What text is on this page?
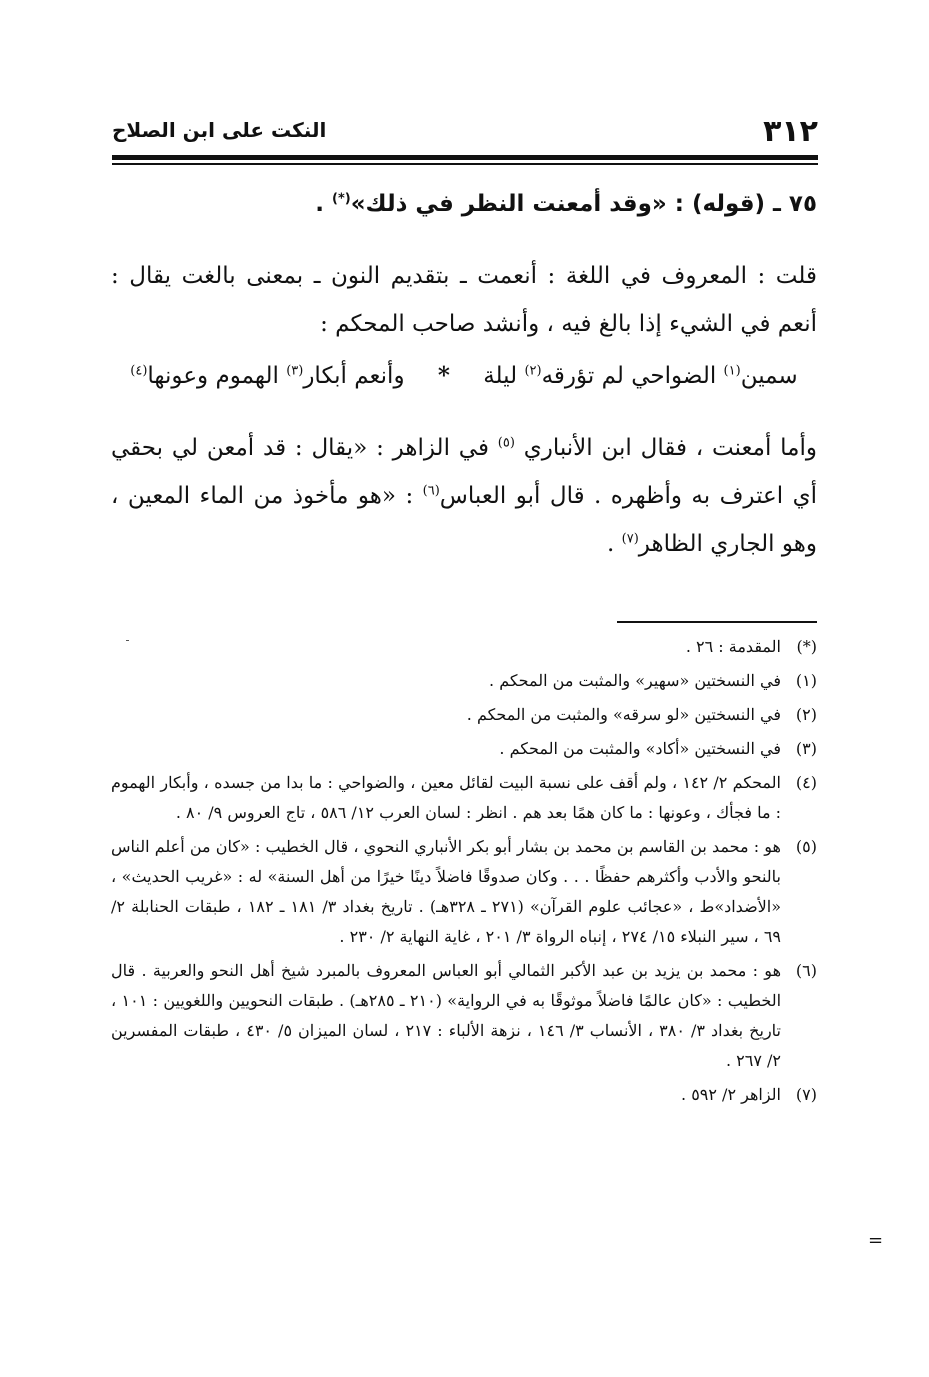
٣١٢
النكت على ابن الصلاح
٧٥ ـ (قوله) : «وقد أمعنت النظر في ذلك»(*) .
قلت : المعروف في اللغة : أنعمت ـ بتقديم النون ـ بمعنى بالغت يقال : أنعم في الشيء إذا بالغ فيه ، وأنشد صاحب المحكم :
سمين$^{(١)}$ الضواحي لم تؤرقه$^{(٢)}$ ليلة * وأنعم أبكار$^{(٣)}$ الهموم وعونها$^{(٤)}$
وأما أمعنت ، فقال ابن الأنباري $^{(٥)}$ في الزاهر : «يقال : قد أمعن لي بحقي أي اعترف به وأظهره . قال أبو العباس$^{(٦)}$ : «هو مأخوذ من الماء المعين ، وهو الجاري الظاهر$^{(٧)}$ .
(*)
المقدمة : ٢٦ .
(١)
في النسختين «سهير» والمثبت من المحكم .
(٢)
في النسختين «لو سرقه» والمثبت من المحكم .
(٣)
في النسختين «أكاد» والمثبت من المحكم .
(٤)
المحكم ٢/ ١٤٢ ، ولم أقف على نسبة البيت لقائل معين ، والضواحي : ما بدا من جسده ، وأبكار الهموم : ما فجأك ، وعونها : ما كان همًا بعد هم . انظر : لسان العرب ١٢/ ٥٨٦ ، تاج العروس ٩/ ٨٠ .
(٥)
هو : محمد بن القاسم بن محمد بن بشار أبو بكر الأنباري النحوي ، قال الخطيب : «كان من أعلم الناس بالنحو والأدب وأكثرهم حفظًا . . . وكان صدوقًا فاضلاً دينًا خيرًا من أهل السنة» له : «غريب الحديث» ، «الأضداد»ط ، «عجائب علوم القرآن» (٢٧١ ـ ٣٢٨هـ) . تاريخ بغداد ٣/ ١٨١ ـ ١٨٢ ، طبقات الحنابلة ٢/ ٦٩ ، سير النبلاء ١٥/ ٢٧٤ ، إنباه الرواة ٣/ ٢٠١ ، غاية النهاية ٢/ ٢٣٠ .
(٦)
هو : محمد بن يزيد بن عبد الأكبر الثمالي أبو العباس المعروف بالمبرد شيخ أهل النحو والعربية . قال الخطيب : «كان عالمًا فاضلاً موثوقًا به في الرواية» (٢١٠ ـ ٢٨٥هـ) . طبقات النحويين واللغويين : ١٠١ ، تاريخ بغداد ٣/ ٣٨٠ ، الأنساب ٣/ ١٤٦ ، نزهة الألباء : ٢١٧ ، لسان الميزان ٥/ ٤٣٠ ، طبقات المفسرين ٢/ ٢٦٧ .
(٧)
الزاهر ٢/ ٥٩٢ .
=
